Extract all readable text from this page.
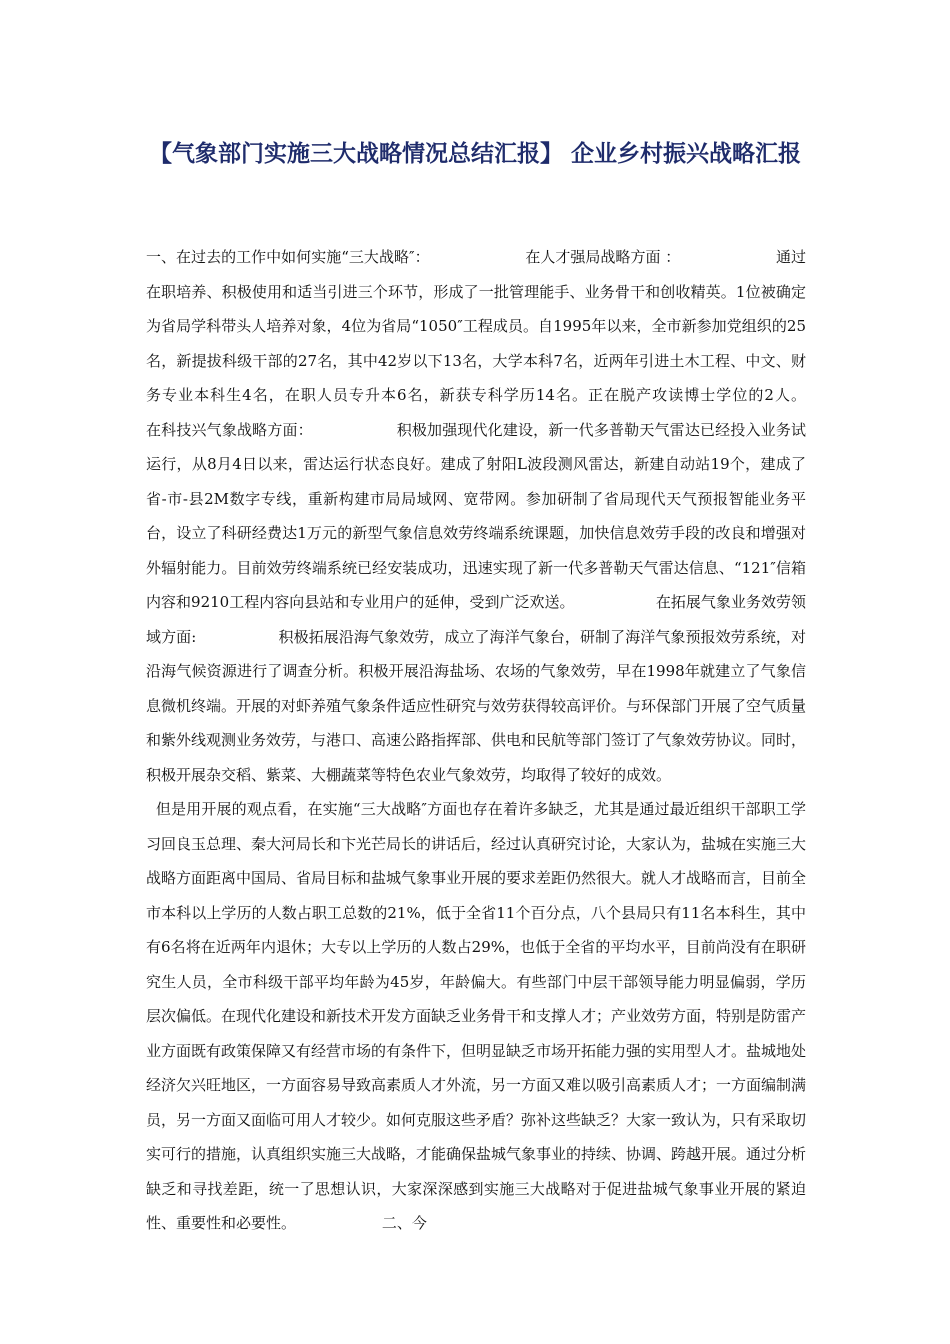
【气象部门实施三大战略情况总结汇报】 企业乡村振兴战略汇报

一、在过去的工作中如何实施“三大战略″：                    在人才强局战略方面 ：                    通过在职培养、积极使用和适当引进三个环节，形成了一批管理能手、业务骨干和创收精英。1位被确定为省局学科带头人培养对象，4位为省局“1050″工程成员。自1995年以来，全市新参加党组织的25名，新提拔科级干部的27名，其中42岁以下13名，大学本科7名，近两年引进土木工程、中文、财务专业本科生4名，在职人员专升本6名，新获专科学历14名。正在脱产攻读博士学位的2人。                 在科技兴气象战略方面：                 积极加强现代化建设，新一代多普勒天气雷达已经投入业务试运行，从8月4日以来，雷达运行状态良好。建成了射阳L波段测风雷达，新建自动站19个，建成了省-市-县2M数字专线，重新构建市局局域网、宽带网。参加研制了省局现代天气预报智能业务平台，设立了科研经费达1万元的新型气象信息效劳终端系统课题，加快信息效劳手段的改良和增强对外辐射能力。目前效劳终端系统已经安装成功，迅速实现了新一代多普勒天气雷达信息、“121″信箱内容和9210工程内容向县站和专业用户的延伸，受到广泛欢送。                 在拓展气象业务效劳领域方面:                 积极拓展沿海气象效劳，成立了海洋气象台，研制了海洋气象预报效劳系统，对沿海气候资源进行了调查分析。积极开展沿海盐场、农场的气象效劳，早在1998年就建立了气象信息微机终端。开展的对虾养殖气象条件适应性研究与效劳获得较高评价。与环保部门开展了空气质量和紫外线观测业务效劳，与港口、高速公路指挥部、供电和民航等部门签订了气象效劳协议。同时，积极开展杂交稻、紫菜、大棚蔬菜等特色农业气象效劳，均取得了较好的成效。

但是用开展的观点看，在实施“三大战略″方面也存在着许多缺乏，尤其是通过最近组织干部职工学习回良玉总理、秦大河局长和卞光芒局长的讲话后，经过认真研究讨论，大家认为，盐城在实施三大战略方面距离中国局、省局目标和盐城气象事业开展的要求差距仍然很大。就人才战略而言，目前全市本科以上学历的人数占职工总数的21%，低于全省11个百分点，八个县局只有11名本科生，其中有6名将在近两年内退休；大专以上学历的人数占29%，也低于全省的平均水平，目前尚没有在职研究生人员，全市科级干部平均年龄为45岁，年龄偏大。有些部门中层干部领导能力明显偏弱，学历层次偏低。在现代化建设和新技术开发方面缺乏业务骨干和支撑人才；产业效劳方面，特别是防雷产业方面既有政策保障又有经营市场的有条件下，但明显缺乏市场开拓能力强的实用型人才。盐城地处经济欠兴旺地区，一方面容易导致高素质人才外流，另一方面又难以吸引高素质人才；一方面编制满员，另一方面又面临可用人才较少。如何克服这些矛盾？弥补这些缺乏？大家一致认为，只有采取切实可行的措施，认真组织实施三大战略，才能确保盐城气象事业的持续、协调、跨越开展。通过分析缺乏和寻找差距，统一了思想认识，大家深深感到实施三大战略对于促进盐城气象事业开展的紧迫性、重要性和必要性。                  二、今
